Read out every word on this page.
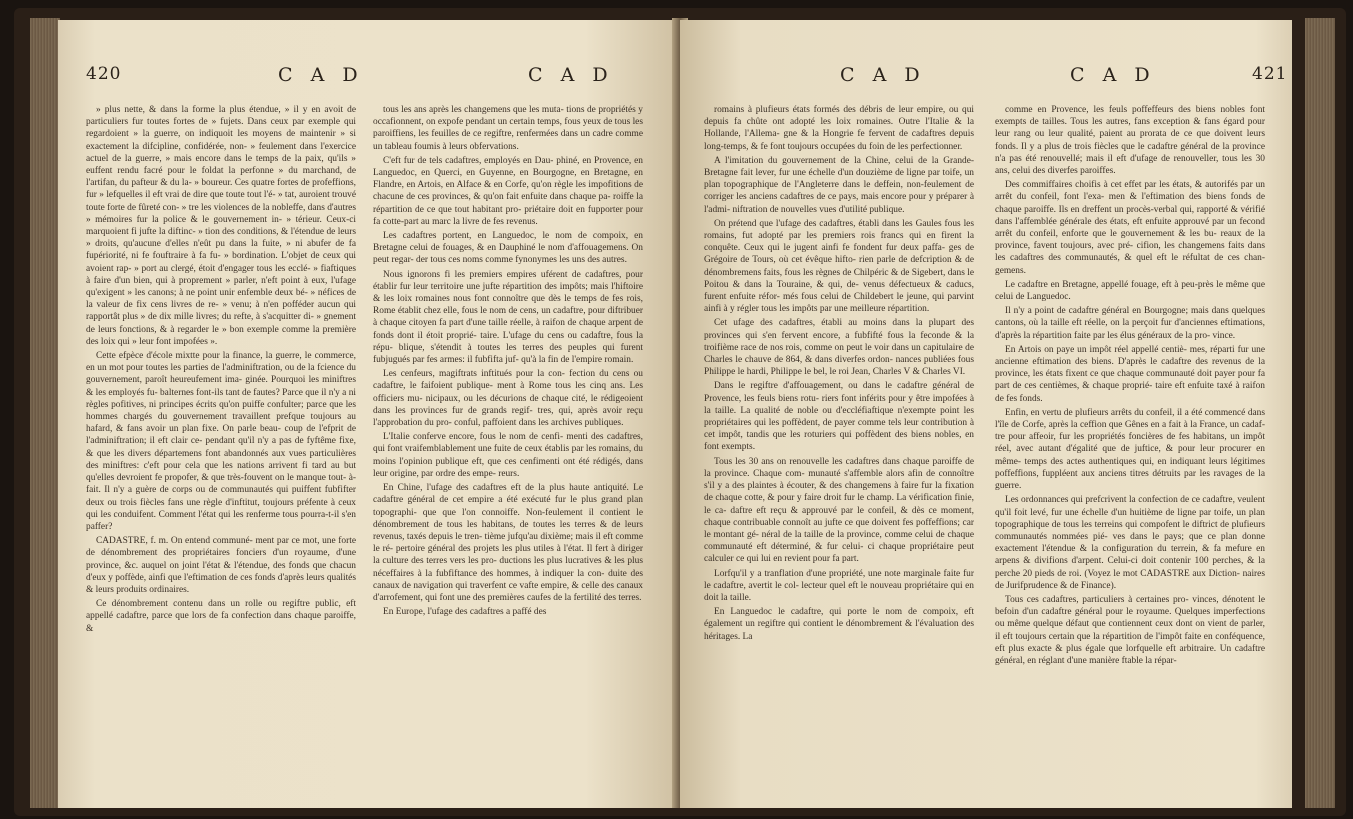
420	C A D	C A D

» plus nette, & dans la forme la plus étendue, » il y en avoit de particuliers fur toutes fortes de » fujets. Dans ceux par exemple qui regardoient » la guerre, on indiquoit les moyens de maintenir » si exactement la difcipline, confidérée, non- » feulement dans l'exercice actuel de la guerre, » mais encore dans le temps de la paix, qu'ils » euffent rendu facré pour le foldat la perfonne » du marchand, de l'artifan, du pafteur & du la- » boureur. Ces quatre fortes de profeffions, fur » lefquelles il eft vrai de dire que toute tout l'é- » tat, auroient trouvé toute forte de fûreté con- » tre les violences de la nobleffe, dans d'autres » mémoires fur la police & le gouvernement in- » térieur. Ceux-ci marquoient fi jufte la diftinc- » tion des conditions, & l'étendue de leurs » droits, qu'aucune d'elles n'eût pu dans la fuite, » ni abufer de fa fupériorité, ni fe fouftraire à fa fu- » bordination. L'objet de ceux qui avoient rap- » port au clergé, étoit d'engager tous les ecclé- » fiaftiques à faire d'un bien, qui à proprement » parler, n'eft point à eux, l'ufage qu'exigent » les canons; à ne point unir enfemble deux bé- » néfices de la valeur de fix cens livres de re- » venu; à n'en pofféder aucun qui rapportât plus » de dix mille livres; du refte, à s'acquitter di- » gnement de leurs fonctions, & à regarder le » bon exemple comme la première des loix qui » leur font impofées ».

Cette efpèce d'école mixtte pour la finance, la guerre, le commerce, en un mot pour toutes les parties de l'adminiftration, ou de la fcience du gouvernement, paroît heureufement ima- ginée. Pourquoi les miniftres & les employés fu- balternes font-ils tant de fautes? Parce que il n'y a ni règles pofitives, ni principes écrits qu'on puiffe confulter; parce que les hommes chargés du gouvernement travaillent prefque toujours au hafard, & fans avoir un plan fixe. On parle beau- coup de l'efprit de l'adminiftration; il eft clair ce- pendant qu'il n'y a pas de fyftême fixe, & que les divers départemens font abandonnés aux vues particulières des miniftres: c'eft pour cela que les nations arrivent fi tard au but qu'elles devroient fe propofer, & que très-fouvent on le manque tout- à-fait. Il n'y a guère de corps ou de communautés qui puiffent fubfifter deux ou trois fiècles fans une règle d'inftitut, toujours préfente à ceux qui les conduifent. Comment l'état qui les renferme tous pourra-t-il s'en paffer?

CADASTRE, f. m. On entend communé- ment par ce mot, une forte de dénombrement des propriétaires fonciers d'un royaume, d'une province, &c. auquel on joint l'état & l'étendue, des fonds que chacun d'eux y poffède, ainfi que l'eftimation de ces fonds d'après leurs qualités & leurs produits ordinaires.

Ce dénombrement contenu dans un rolle ou regiftre public, eft appellé cadaftre, parce que lors de fa confection dans chaque paroiffe, &

tous les ans après les changemens que les muta- tions de propriétés y occafionnent, on expofe pendant un certain temps, fous yeux de tous les paroiffiens, les feuilles de ce regiftre, renfermées dans un cadre comme un tableau foumis à leurs obfervations.

C'eft fur de tels cadaftres, employés en Dau- phiné, en Provence, en Languedoc, en Querci, en Guyenne, en Bourgogne, en Bretagne, en Flandre, en Artois, en Alface & en Corfe, qu'on règle les impofitions de chacune de ces provinces, & qu'on fait enfuite dans chaque pa- roiffe la répartition de ce que tout habitant pro- priétaire doit en fupporter pour fa cotte-part au marc la livre de fes revenus.

Les cadaftres portent, en Languedoc, le nom de compoix, en Bretagne celui de fouages, & en Dauphiné le nom d'affouagemens. On peut regar- der tous ces noms comme fynonymes les uns des autres.

Nous ignorons fi les premiers empires uférent de cadaftres, pour établir fur leur territoire une jufte répartition des impôts; mais l'hiftoire & les loix romaines nous font connoître que dès le temps de fes rois, Rome établit chez elle, fous le nom de cens, un cadaftre, pour diftribuer à chaque citoyen fa part d'une taille réelle, à raifon de chaque arpent de fonds dont il étoit proprié- taire. L'ufage du cens ou cadaftre, fous la répu- blique, s'étendit à toutes les terres des peuples qui furent fubjugués par fes armes: il fubfifta juf- qu'à la fin de l'empire romain.

Les cenfeurs, magiftrats inftitués pour la con- fection du cens ou cadaftre, le faifoient publique- ment à Rome tous les cinq ans. Les officiers mu- nicipaux, ou les décurions de chaque cité, le rédigeoient dans les provinces fur de grands regif- tres, qui, après avoir reçu l'approbation du pro- conful, paffoient dans les archives publiques.

L'Italie conferve encore, fous le nom de cenfi- menti des cadaftres, qui font vraifemblablement une fuite de ceux établis par les romains, du moins l'opinion publique eft, que ces cenfimenti ont été rédigés, dans leur origine, par ordre des empe- reurs.

En Chine, l'ufage des cadaftres eft de la plus haute antiquité. Le cadaftre général de cet empire a été exécuté fur le plus grand plan topographi- que que l'on connoiffe. Non-feulement il contient le dénombrement de tous les habitans, de toutes les terres & de leurs revenus, taxés depuis le tren- tième jufqu'au dixième; mais il eft comme le ré- pertoire général des projets les plus utiles à l'état. Il fert à diriger la culture des terres vers les pro- ductions les plus lucratives & les plus néceffaires à la fubfiftance des hommes, à indiquer la con- duite des canaux de navigation qui traverfent ce vafte empire, & celle des canaux d'arrofement, qui font une des premières caufes de la fertilité des terres.

En Europe, l'ufage des cadaftres a paffé des

C A D	C A D	421

romains à plufieurs états formés des débris de leur empire, ou qui depuis fa chûte ont adopté les loix romaines. Outre l'Italie & la Hollande, l'Allema- gne & la Hongrie fe fervent de cadaftres depuis long-temps, & fe font toujours occupées du foin de les perfectionner.

A l'imitation du gouvernement de la Chine, celui de la Grande-Bretagne fait lever, fur une échelle d'un douzième de ligne par toife, un plan topographique de l'Angleterre dans le deffein, non-feulement de corriger les anciens cadaftres de ce pays, mais encore pour y préparer à l'admi- niftration de nouvelles vues d'utilité publique.

On prétend que l'ufage des cadaftres, établi dans les Gaules fous les romains, fut adopté par les premiers rois francs qui en firent la conquête. Ceux qui le jugent ainfi fe fondent fur deux paffa- ges de Grégoire de Tours, où cet évêque hifto- rien parle de defcription & de dénombremens faits, fous les règnes de Chilpéric & de Sigebert, dans le Poitou & dans la Touraine, & qui, de- venus défectueux & caducs, furent enfuite réfor- més fous celui de Childebert le jeune, qui parvint ainfi à y régler tous les impôts par une meilleure répartition.

Cet ufage des cadaftres, établi au moins dans la plupart des provinces qui s'en fervent encore, a fubfifté fous la feconde & la troifième race de nos rois, comme on peut le voir dans un capitulaire de Charles le chauve de 864, & dans diverfes ordon- nances publiées fous Philippe le hardi, Philippe le bel, le roi Jean, Charles V & Charles VI.

Dans le regiftre d'affouagement, ou dans le cadaftre général de Provence, les feuls biens rotu- riers font inférits pour y être impofées à la taille. La qualité de noble ou d'eccléfiaftique n'exempte point les propriétaires qui les poffèdent, de payer comme tels leur contribution à cet impôt, tandis que les roturiers qui poffèdent des biens nobles, en font exempts.

Tous les 30 ans on renouvelle les cadaftres dans chaque paroiffe de la province. Chaque com- munauté s'affemble alors afin de connoître s'il y a des plaintes à écouter, & des changemens à faire fur la fixation de chaque cotte, & pour y faire droit fur le champ. La vérification finie, le ca- daftre eft reçu & approuvé par le confeil, & dès ce moment, chaque contribuable connoît au jufte ce que doivent fes poffeffions; car le montant gé- néral de la taille de la province, comme celui de chaque communauté eft déterminé, & fur celui- ci chaque propriétaire peut calculer ce qui lui en revient pour fa part.

Lorfqu'il y a tranflation d'une propriété, une note marginale faite fur le cadaftre, avertit le col- lecteur quel eft le nouveau propriétaire qui en doit la taille.

En Languedoc le cadaftre, qui porte le nom de compoix, eft également un regiftre qui contient le dénombrement & l'évaluation des héritages. La

comme en Provence, les feuls poffeffeurs des biens nobles font exempts de tailles. Tous les autres, fans exception & fans égard pour leur rang ou leur qualité, paient au prorata de ce que doivent leurs fonds. Il y a plus de trois fiècles que le cadaftre général de la province n'a pas été renouvellé; mais il eft d'ufage de renouveller, tous les 30 ans, celui des diverfes paroiffes.

Des commiffaires choifis à cet effet par les états, & autorifés par un arrêt du confeil, font l'exa- men & l'eftimation des biens fonds de chaque paroiffe. Ils en dreffent un procès-verbal qui, rapporté & vérifié dans l'affemblée générale des états, eft enfuite approuvé par un fecond arrêt du confeil, enforte que le gouvernement & les bu- reaux de la province, favent toujours, avec pré- cifion, les changemens faits dans les cadaftres des communautés, & quel eft le réfultat de ces chan- gemens.

Le cadaftre en Bretagne, appellé fouage, eft à peu-près le même que celui de Languedoc.

Il n'y a point de cadaftre général en Bourgogne; mais dans quelques cantons, où la taille eft réelle, on la perçoit fur d'anciennes eftimations, d'après la répartition faite par les élus généraux de la pro- vince.

En Artois on paye un impôt réel appellé centiè- mes, réparti fur une ancienne eftimation des biens. D'après le cadaftre des revenus de la province, les états fixent ce que chaque communauté doit payer pour fa part de ces centièmes, & chaque proprié- taire eft enfuite taxé à raifon de fes fonds.

Enfin, en vertu de plufieurs arrêts du confeil, il a été commencé dans l'île de Corfe, après la ceffion que Gênes en a fait à la France, un cadaf- tre pour affeoir, fur les propriétés foncières de fes habitans, un impôt réel, avec autant d'égalité que de juftice, & pour leur procurer en même- temps des actes authentiques qui, en indiquant leurs légitimes poffeffions, fuppléent aux anciens titres détruits par les ravages de la guerre.

Les ordonnances qui prefcrivent la confection de ce cadaftre, veulent qu'il foit levé, fur une échelle d'un huitième de ligne par toife, un plan topographique de tous les terreins qui compofent le diftrict de plufieurs communautés nommées pié- ves dans le pays; que ce plan donne exactement l'étendue & la configuration du terrein, & fa mefure en arpens & divifions d'arpent. Celui-ci doit contenir 100 perches, & la perche 20 pieds de roi. (Voyez le mot CADASTRE aux Diction- naires de Jurifprudence & de Finance).

Tous ces cadaftres, particuliers à certaines pro- vinces, dénotent le befoin d'un cadaftre général pour le royaume. Quelques imperfections ou même quelque défaut que contiennent ceux dont on vient de parler, il eft toujours certain que la répartition de l'impôt faite en conféquence, eft plus exacte & plus égale que lorfquelle eft arbitraire. Un cadaftre général, en réglant d'une manière ftable la répar-
